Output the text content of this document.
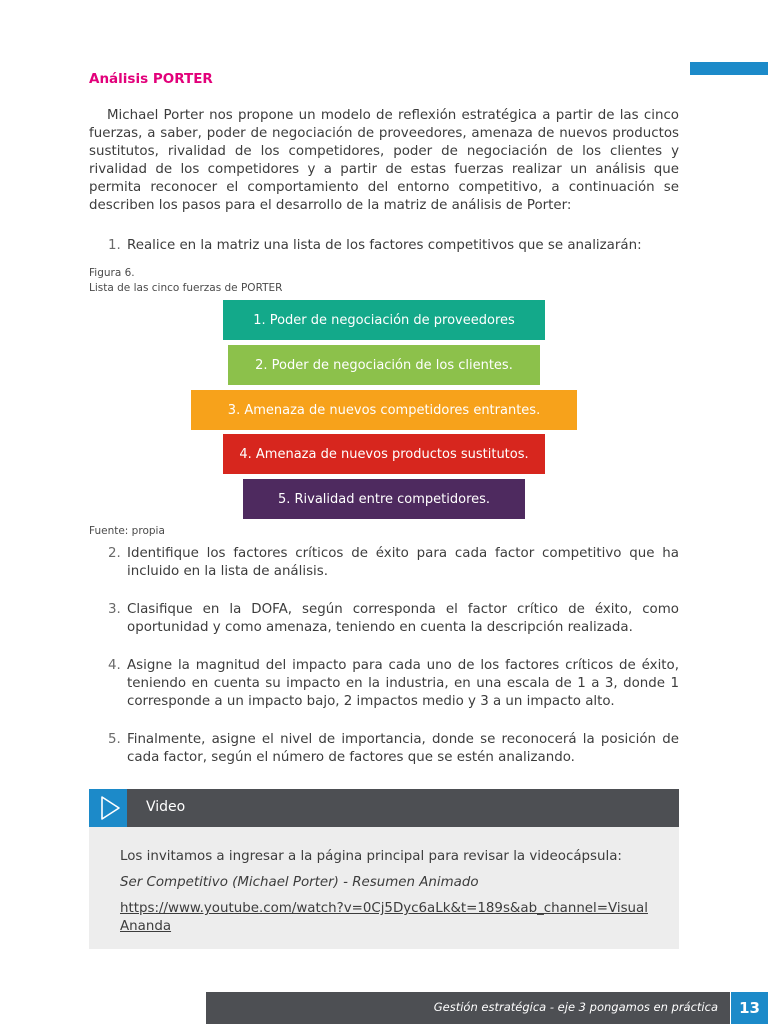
Análisis PORTER

Michael Porter nos propone un modelo de reflexión estratégica a partir de las cinco fuerzas, a saber, poder de negociación de proveedores, amenaza de nuevos productos sustitutos, rivalidad de los competidores, poder de negociación de los clientes y rivalidad de los competidores y a partir de estas fuerzas realizar un análisis que permita reconocer el comportamiento del entorno competitivo, a continuación se describen los pasos para el desarrollo de la matriz de análisis de Porter:

1. Realice en la matriz una lista de los factores competitivos que se analizarán:
Figura 6.
Lista de las cinco fuerzas de PORTER
1. Poder de negociación de proveedores
2. Poder de negociación de los clientes.
3. Amenaza de nuevos competidores entrantes.
4. Amenaza de nuevos productos sustitutos.
5. Rivalidad entre competidores.
Fuente: propia
2. Identifique los factores críticos de éxito para cada factor competitivo que ha incluido en la lista de análisis.
3. Clasifique en la DOFA, según corresponda el factor crítico de éxito, como oportunidad y como amenaza, teniendo en cuenta la descripción realizada.
4. Asigne la magnitud del impacto para cada uno de los factores críticos de éxito, teniendo en cuenta su impacto en la industria, en una escala de 1 a 3, donde 1 corresponde a un impacto bajo, 2 impactos medio y 3 a un impacto alto.
5. Finalmente, asigne el nivel de importancia, donde se reconocerá la posición de cada factor, según el número de factores que se estén analizando.
Video
Los invitamos a ingresar a la página principal para revisar la videocápsula:
Ser Competitivo (Michael Porter) - Resumen Animado
https://www.youtube.com/watch?v=0Cj5Dyc6aLk&t=189s&ab_channel=VisualAnanda
Gestión estratégica - eje 3 pongamos en práctica	13
